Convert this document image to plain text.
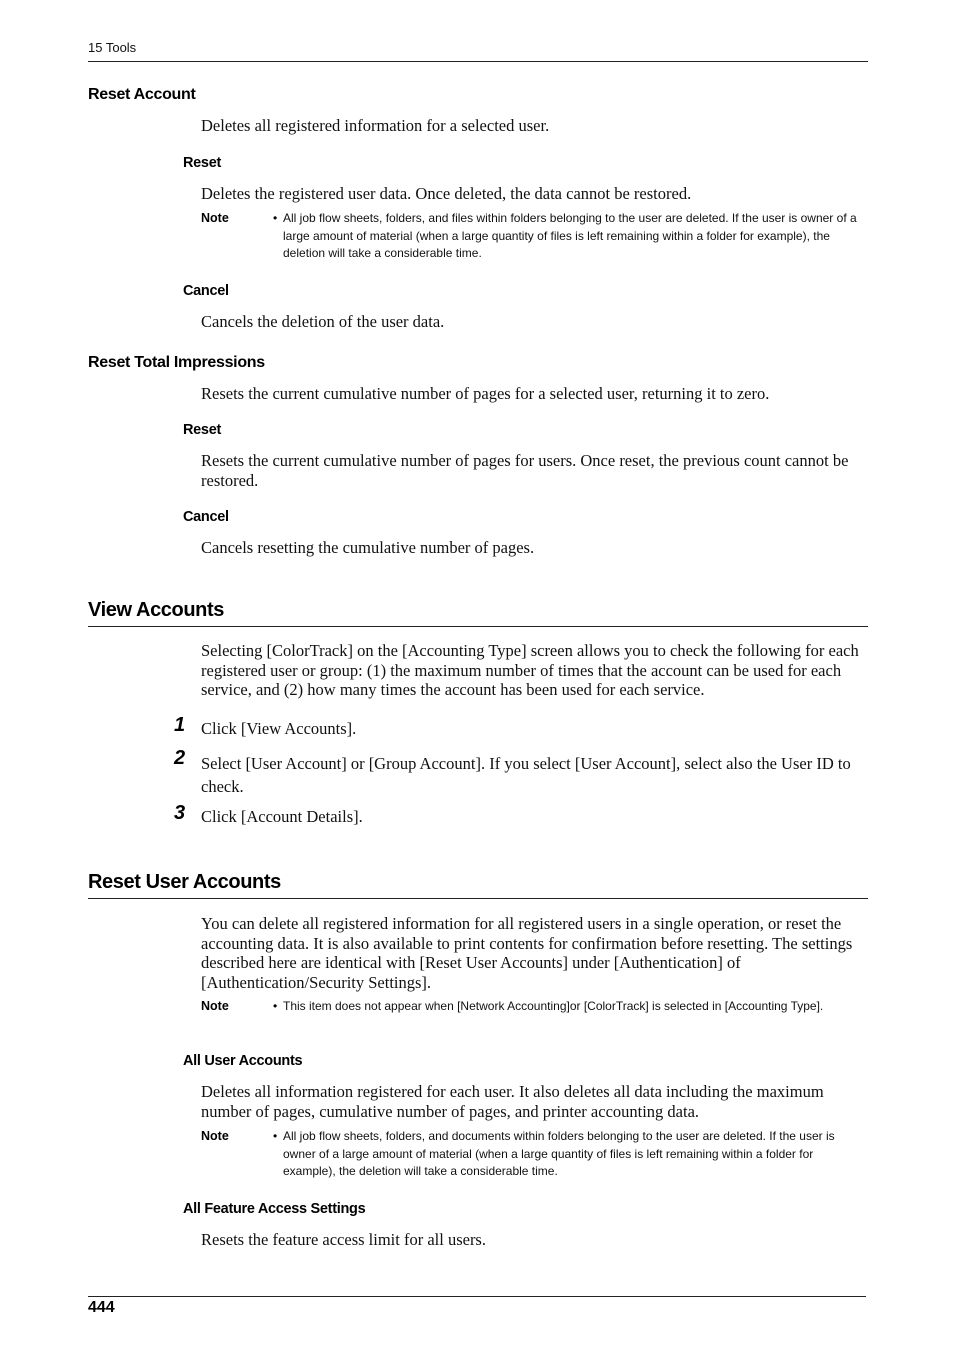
15 Tools
Reset Account
Deletes all registered information for a selected user.
Reset
Deletes the registered user data. Once deleted, the data cannot be restored.
Note	• All job flow sheets, folders, and files within folders belonging to the user are deleted. If the user is owner of a large amount of material (when a large quantity of files is left remaining within a folder for example), the deletion will take a considerable time.
Cancel
Cancels the deletion of the user data.
Reset Total Impressions
Resets the current cumulative number of pages for a selected user, returning it to zero.
Reset
Resets the current cumulative number of pages for users. Once reset, the previous count cannot be restored.
Cancel
Cancels resetting the cumulative number of pages.
View Accounts
Selecting [ColorTrack] on the [Accounting Type] screen allows you to check the following for each registered user or group: (1) the maximum number of times that the account can be used for each service, and (2) how many times the account has been used for each service.
1 Click [View Accounts].
2 Select [User Account] or [Group Account]. If you select [User Account], select also the User ID to check.
3 Click [Account Details].
Reset User Accounts
You can delete all registered information for all registered users in a single operation, or reset the accounting data. It is also available to print contents for confirmation before resetting. The settings described here are identical with [Reset User Accounts] under [Authentication] of [Authentication/Security Settings].
Note	• This item does not appear when [Network Accounting]or [ColorTrack] is selected in [Accounting Type].
All User Accounts
Deletes all information registered for each user. It also deletes all data including the maximum number of pages, cumulative number of pages, and printer accounting data.
Note	• All job flow sheets, folders, and documents within folders belonging to the user are deleted. If the user is owner of a large amount of material (when a large quantity of files is left remaining within a folder for example), the deletion will take a considerable time.
All Feature Access Settings
Resets the feature access limit for all users.
444
